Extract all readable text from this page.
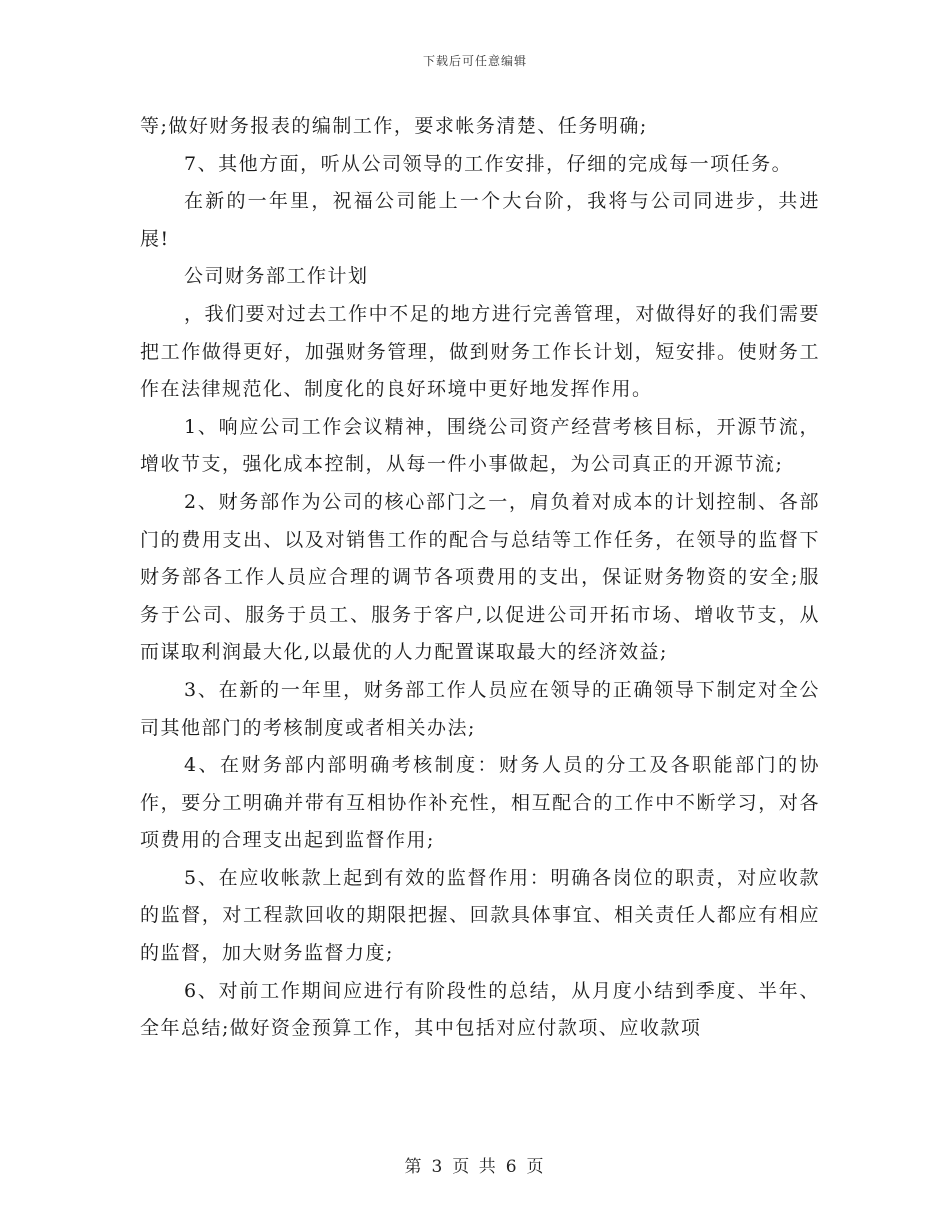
下载后可任意编辑

等;做好财务报表的编制工作，要求帐务清楚、任务明确;

7、其他方面，听从公司领导的工作安排，仔细的完成每一项任务。

在新的一年里，祝福公司能上一个大台阶，我将与公司同进步，共进展!

公司财务部工作计划

，我们要对过去工作中不足的地方进行完善管理，对做得好的我们需要把工作做得更好，加强财务管理，做到财务工作长计划，短安排。使财务工作在法律规范化、制度化的良好环境中更好地发挥作用。

1、响应公司工作会议精神，围绕公司资产经营考核目标，开源节流，增收节支，强化成本控制，从每一件小事做起，为公司真正的开源节流;

2、财务部作为公司的核心部门之一，肩负着对成本的计划控制、各部门的费用支出、以及对销售工作的配合与总结等工作任务，在领导的监督下财务部各工作人员应合理的调节各项费用的支出，保证财务物资的安全;服务于公司、服务于员工、服务于客户,以促进公司开拓市场、增收节支，从而谋取利润最大化,以最优的人力配置谋取最大的经济效益;

3、在新的一年里，财务部工作人员应在领导的正确领导下制定对全公司其他部门的考核制度或者相关办法;

4、在财务部内部明确考核制度：财务人员的分工及各职能部门的协作，要分工明确并带有互相协作补充性，相互配合的工作中不断学习，对各项费用的合理支出起到监督作用;

5、在应收帐款上起到有效的监督作用：明确各岗位的职责，对应收款的监督，对工程款回收的期限把握、回款具体事宜、相关责任人都应有相应的监督，加大财务监督力度;

6、对前工作期间应进行有阶段性的总结，从月度小结到季度、半年、全年总结;做好资金预算工作，其中包括对应付款项、应收款项

第 3 页 共 6 页
